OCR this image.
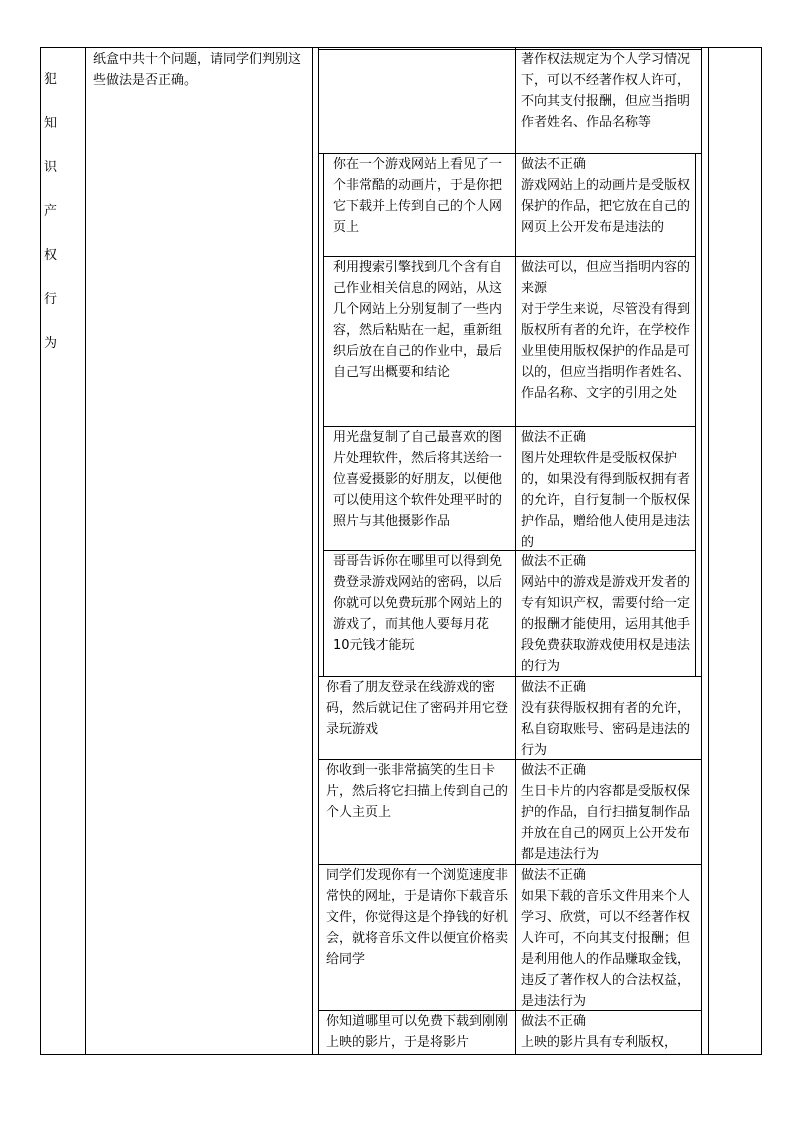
犯知
识产
权行
为
纸盒中共十个问题，请同学们判别这些做法是否正确。
著作权法规定为个人学习情况下，可以不经著作权人许可，不向其支付报酬，但应当指明作者姓名、作品名称等
你在一个游戏网站上看见了一个非常酷的动画片，于是你把它下载并上传到自己的个人网页上
做法不正确
游戏网站上的动画片是受版权保护的作品，把它放在自己的网页上公开发布是违法的
利用搜索引擎找到几个含有自己作业相关信息的网站，从这几个网站上分别复制了一些内容，然后粘贴在一起，重新组织后放在自己的作业中，最后自己写出概要和结论
做法可以，但应当指明内容的来源
对于学生来说，尽管没有得到版权所有者的允许，在学校作业里使用版权保护的作品是可以的，但应当指明作者姓名、作品名称、文字的引用之处
用光盘复制了自己最喜欢的图片处理软件，然后将其送给一位喜爱摄影的好朋友，以便他可以使用这个软件处理平时的照片与其他摄影作品
做法不正确
图片处理软件是受版权保护的，如果没有得到版权拥有者的允许，自行复制一个版权保护作品，赠给他人使用是违法的
哥哥告诉你在哪里可以得到免费登录游戏网站的密码，以后你就可以免费玩那个网站上的游戏了，而其他人要每月花10元钱才能玩
做法不正确
网站中的游戏是游戏开发者的专有知识产权，需要付给一定的报酬才能使用，运用其他手段免费获取游戏使用权是违法的行为
你看了朋友登录在线游戏的密码，然后就记住了密码并用它登录玩游戏
做法不正确
没有获得版权拥有者的允许，私自窃取账号、密码是违法的行为
你收到一张非常搞笑的生日卡片，然后将它扫描上传到自己的个人主页上
做法不正确
生日卡片的内容都是受版权保护的作品，自行扫描复制作品并放在自己的网页上公开发布都是违法行为
同学们发现你有一个浏览速度非常快的网址，于是请你下载音乐文件，你觉得这是个挣钱的好机会，就将音乐文件以便宜价格卖给同学
做法不正确
如果下载的音乐文件用来个人学习、欣赏，可以不经著作权人许可，不向其支付报酬；但是利用他人的作品赚取金钱，违反了著作权人的合法权益，是违法行为
你知道哪里可以免费下载到刚刚上映的影片，于是将影片
做法不正确
上映的影片具有专利版权，
